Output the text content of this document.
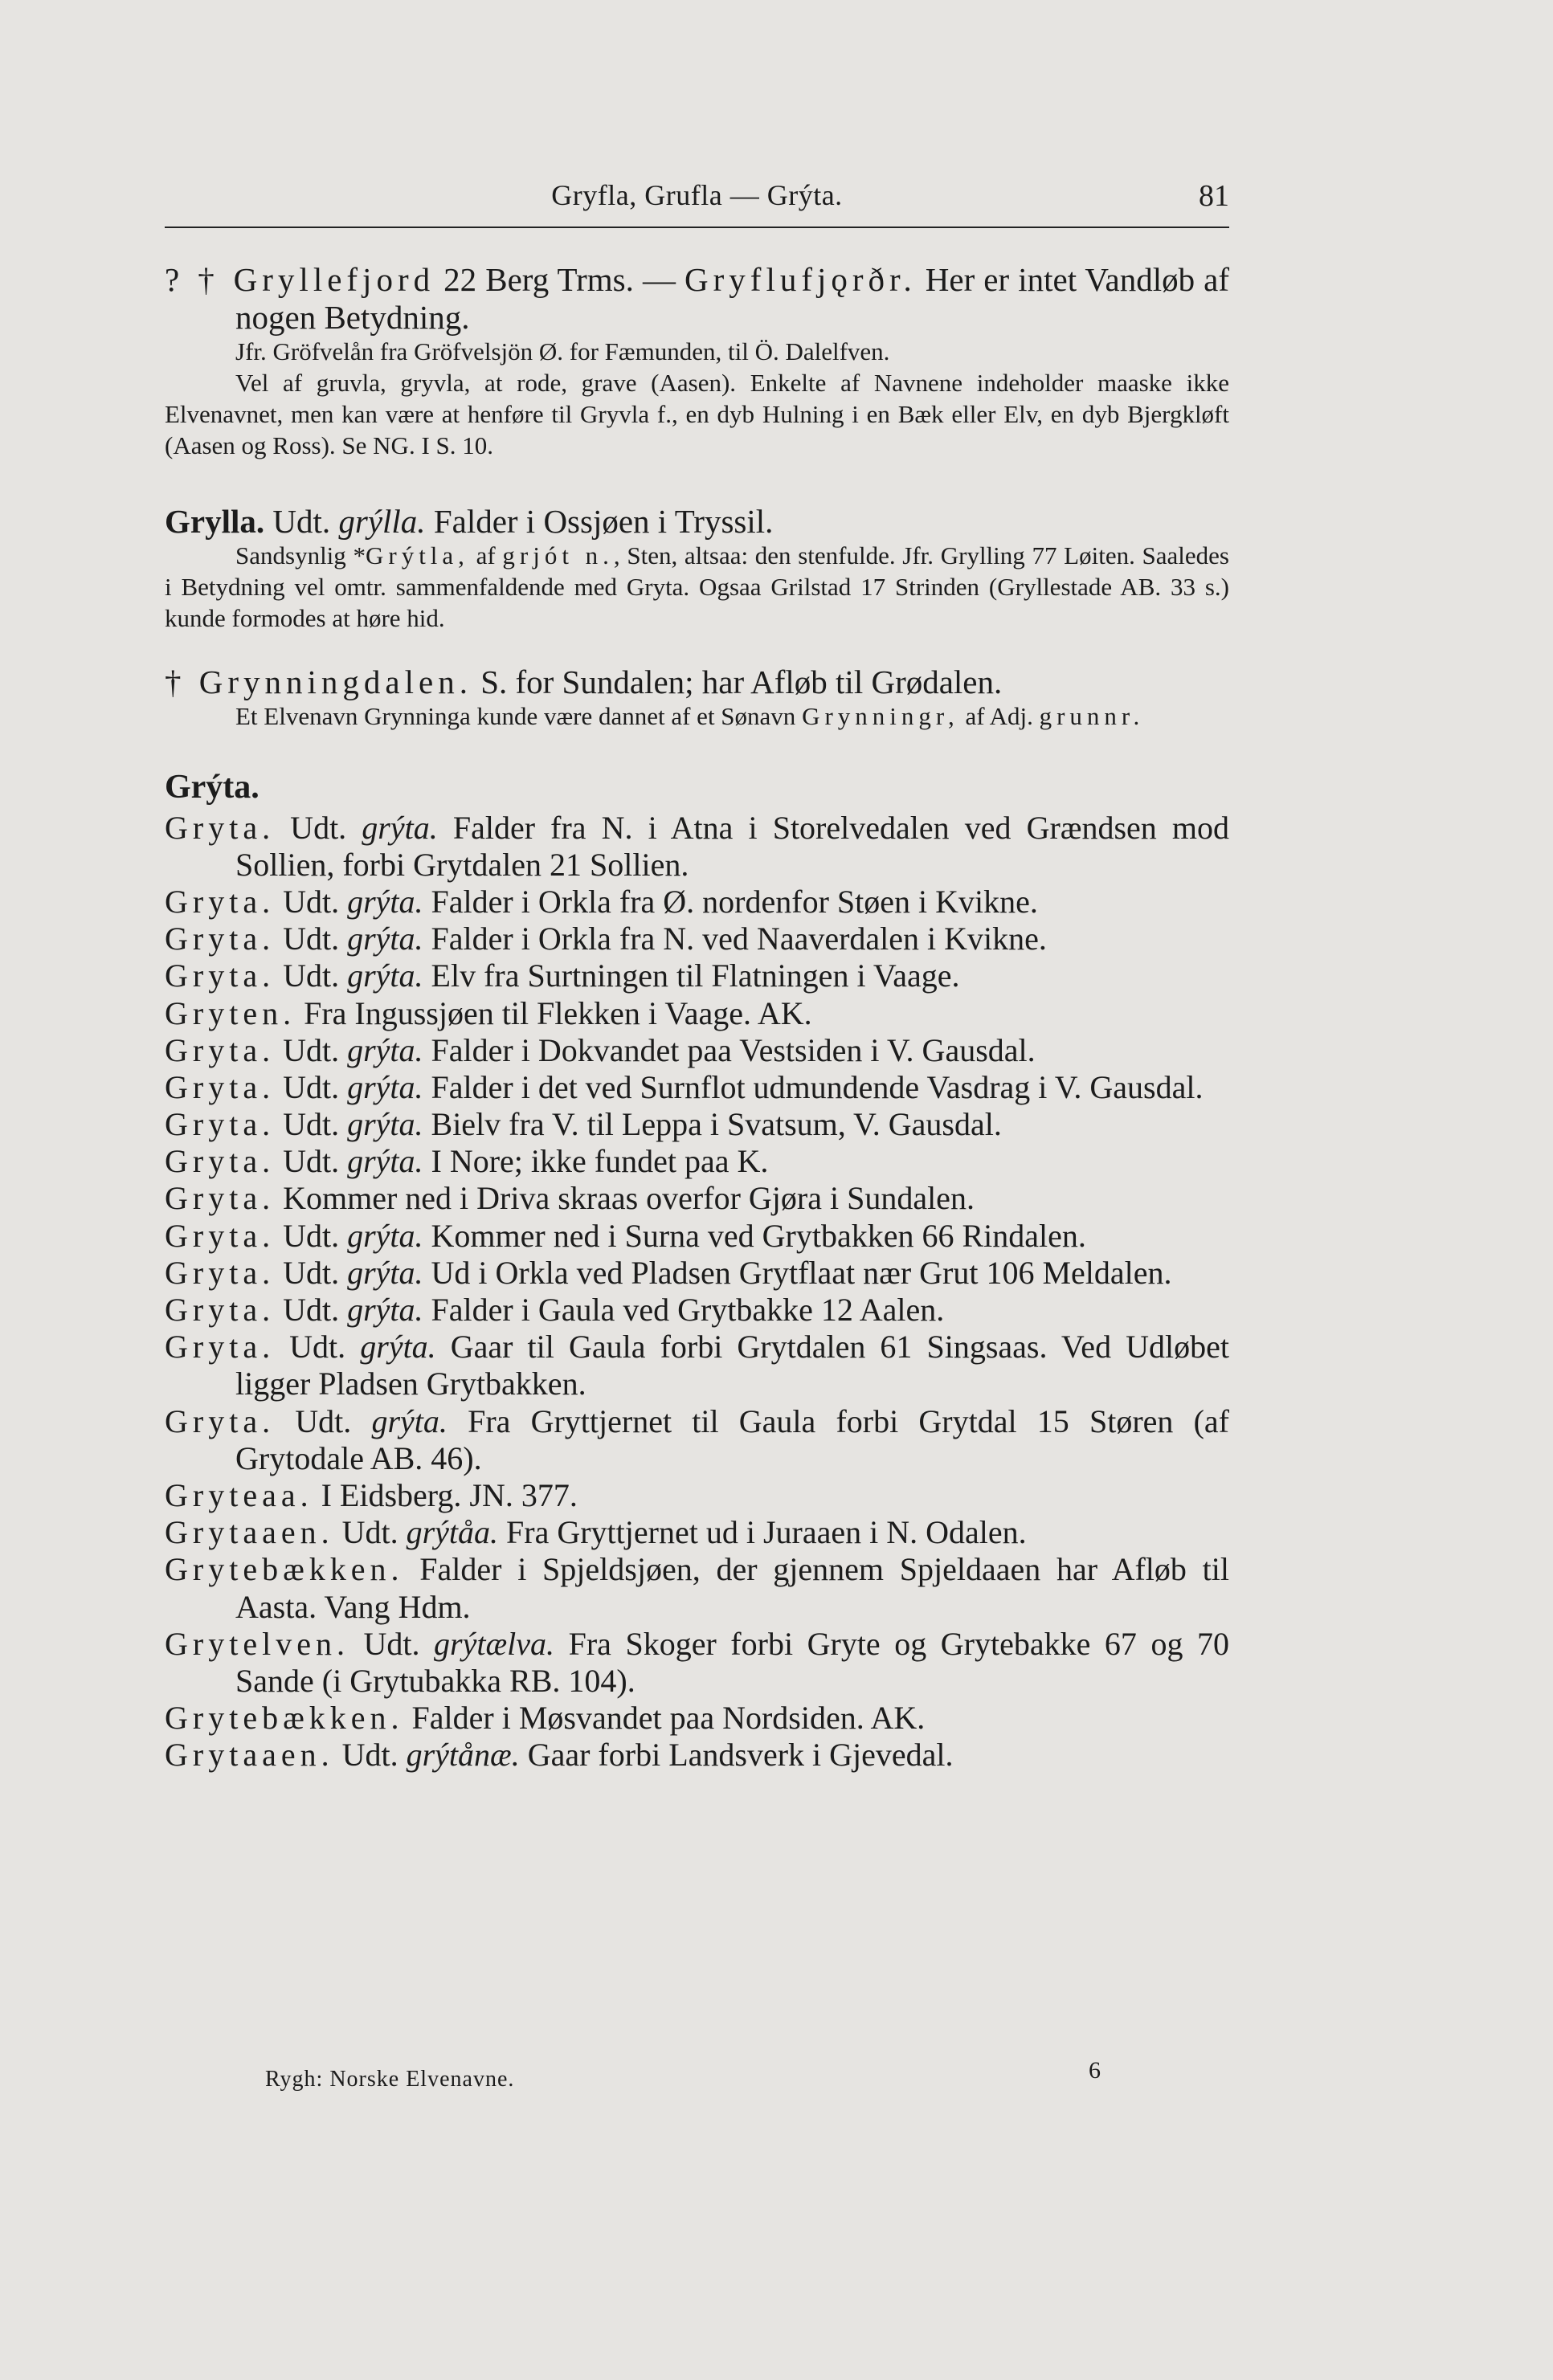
Gryfla, Grufla — Grýta.	81
? † Gryllefjord 22 Berg Trms. — Gryflufjǫrðr. Her er intet Vandløb af nogen Betydning.
Jfr. Gröfvelån fra Gröfvelsjön Ø. for Fæmunden, til Ö. Dalelfven.
Vel af gruvla, gryvla, at rode, grave (Aasen). Enkelte af Navnene indeholder maaske ikke Elvenavnet, men kan være at henføre til Gryvla f., en dyb Hulning i en Bæk eller Elv, en dyb Bjergkløft (Aasen og Ross). Se NG. I S. 10.
Grylla. Udt. grýlla. Falder i Ossjøen i Tryssil.
Sandsynlig *Grýtla, af grjót n., Sten, altsaa: den stenfulde. Jfr. Grylling 77 Løiten. Saaledes i Betydning vel omtr. sammenfaldende med Gryta. Ogsaa Grilstad 17 Strinden (Gryllestade AB. 33 s.) kunde formodes at høre hid.
† Grynningdalen. S. for Sundalen; har Afløb til Grødalen.
Et Elvenavn Grynninga kunde være dannet af et Sønavn Grynningr, af Adj. grunnr.
Grýta.
Gryta. Udt. grýta. Falder fra N. i Atna i Storelvedalen ved Grændsen mod Sollien, forbi Grytdalen 21 Sollien.
Gryta. Udt. grýta. Falder i Orkla fra Ø. nordenfor Støen i Kvikne.
Gryta. Udt. grýta. Falder i Orkla fra N. ved Naaverdalen i Kvikne.
Gryta. Udt. grýta. Elv fra Surtningen til Flatningen i Vaage.
Gryten. Fra Ingussjøen til Flekken i Vaage. AK.
Gryta. Udt. grýta. Falder i Dokvandet paa Vestsiden i V. Gausdal.
Gryta. Udt. grýta. Falder i det ved Surnflot udmundende Vasdrag i V. Gausdal.
Gryta. Udt. grýta. Bielv fra V. til Leppa i Svatsum, V. Gausdal.
Gryta. Udt. grýta. I Nore; ikke fundet paa K.
Gryta. Kommer ned i Driva skraas overfor Gjøra i Sundalen.
Gryta. Udt. grýta. Kommer ned i Surna ved Grytbakken 66 Rindalen.
Gryta. Udt. grýta. Ud i Orkla ved Pladsen Grytflaat nær Grut 106 Meldalen.
Gryta. Udt. grýta. Falder i Gaula ved Grytbakke 12 Aalen.
Gryta. Udt. grýta. Gaar til Gaula forbi Grytdalen 61 Singsaas. Ved Udløbet ligger Pladsen Grytbakken.
Gryta. Udt. grýta. Fra Gryttjernet til Gaula forbi Grytdal 15 Støren (af Grytodale AB. 46).
Gryteaa. I Eidsberg. JN. 377.
Grytaaen. Udt. grýtåa. Fra Gryttjernet ud i Juraaen i N. Odalen.
Grytebækken. Falder i Spjeldsjøen, der gjennem Spjeldaaen har Afløb til Aasta. Vang Hdm.
Grytelven. Udt. grýtælva. Fra Skoger forbi Gryte og Grytebakke 67 og 70 Sande (i Grytubakka RB. 104).
Grytebækken. Falder i Møsvandet paa Nordsiden. AK.
Grytaaen. Udt. grýtånæ. Gaar forbi Landsverk i Gjevedal.
Rygh: Norske Elvenavne.	6
